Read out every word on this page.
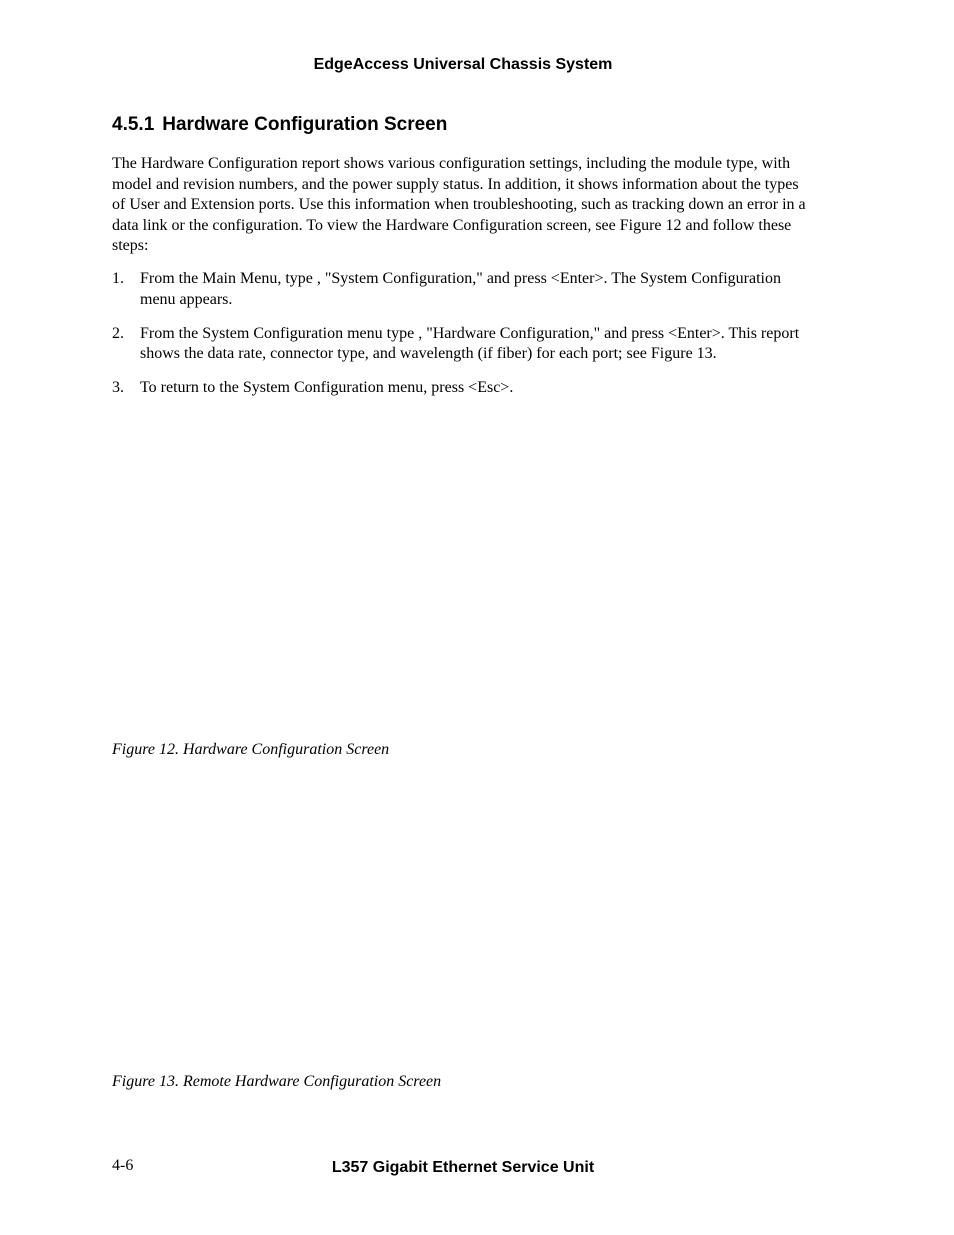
EdgeAccess Universal Chassis System

4.5.1 Hardware Configuration Screen

The Hardware Configuration report shows various configuration settings, including the module type, with model and revision numbers, and the power supply status. In addition, it shows information about the types of User and Extension ports. Use this information when troubleshooting, such as tracking down an error in a data link or the configuration. To view the Hardware Configuration screen, see Figure 12 and follow these steps:

1. From the Main Menu, type , "System Configuration," and press <Enter>. The System Configuration menu appears.
2. From the System Configuration menu type , "Hardware Configuration," and press <Enter>. This report shows the data rate, connector type, and wavelength (if fiber) for each port; see Figure 13.
3. To return to the System Configuration menu, press <Esc>.

Figure 12. Hardware Configuration Screen

Figure 13. Remote Hardware Configuration Screen

4-6	L357 Gigabit Ethernet Service Unit
